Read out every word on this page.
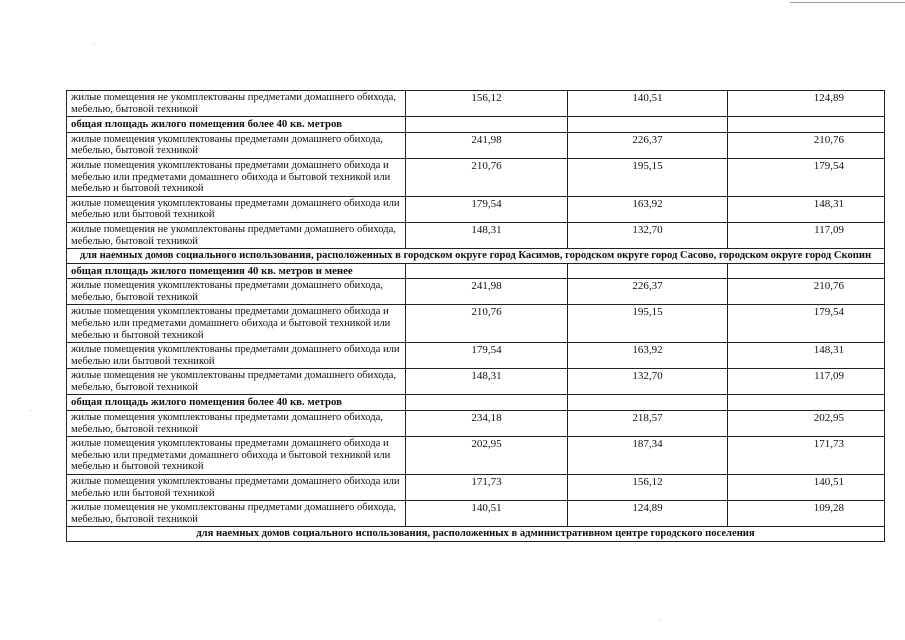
жилые помещения не укомплектованы предметами домашнего обихода, мебелью, бытовой техникой	156,12	140,51	124,89
общая площадь жилого помещения более 40 кв. метров			
жилые помещения укомплектованы предметами домашнего обихода, мебелью, бытовой техникой	241,98	226,37	210,76
жилые помещения укомплектованы предметами домашнего обихода и мебелью или предметами домашнего обихода и бытовой техникой или мебелью и бытовой техникой	210,76	195,15	179,54
жилые помещения укомплектованы предметами домашнего обихода или мебелью или бытовой техникой	179,54	163,92	148,31
жилые помещения не укомплектованы предметами домашнего обихода, мебелью, бытовой техникой	148,31	132,70	117,09
для наемных домов социального использования, расположенных в городском округе город Касимов, городском округе город Сасово, городском округе город Скопин			
общая площадь жилого помещения 40 кв. метров и менее			
жилые помещения укомплектованы предметами домашнего обихода, мебелью, бытовой техникой	241,98	226,37	210,76
жилые помещения укомплектованы предметами домашнего обихода и мебелью или предметами домашнего обихода и бытовой техникой или мебелью и бытовой техникой	210,76	195,15	179,54
жилые помещения укомплектованы предметами домашнего обихода или мебелью или бытовой техникой	179,54	163,92	148,31
жилые помещения не укомплектованы предметами домашнего обихода, мебелью, бытовой техникой	148,31	132,70	117,09
общая площадь жилого помещения более 40 кв. метров			
жилые помещения укомплектованы предметами домашнего обихода, мебелью, бытовой техникой	234,18	218,57	202,95
жилые помещения укомплектованы предметами домашнего обихода и мебелью или предметами домашнего обихода и бытовой техникой или мебелью и бытовой техникой	202,95	187,34	171,73
жилые помещения укомплектованы предметами домашнего обихода или мебелью или бытовой техникой	171,73	156,12	140,51
жилые помещения не укомплектованы предметами домашнего обихода, мебелью, бытовой техникой	140,51	124,89	109,28
для наемных домов социального использования, расположенных в административном центре городского поселения			
